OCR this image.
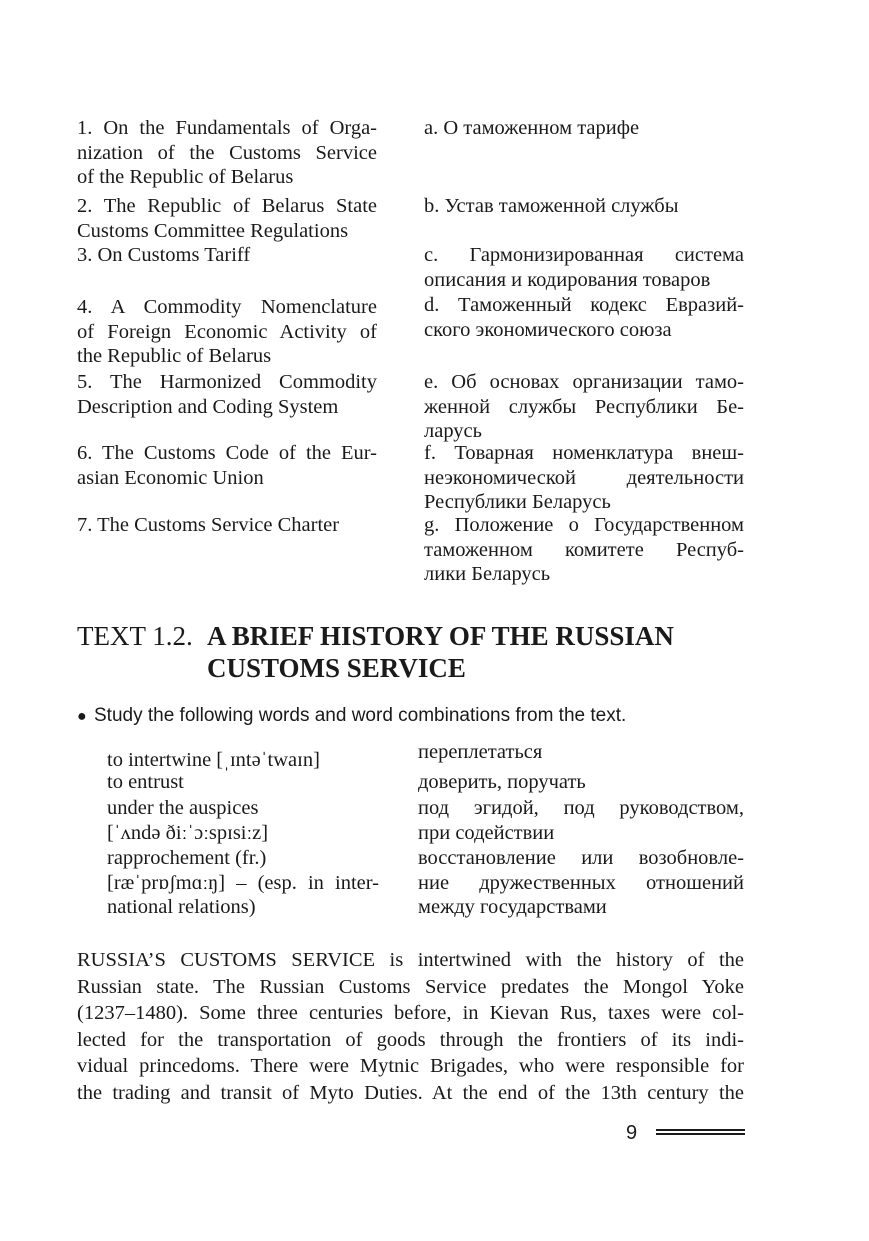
1. On the Fundamentals of Orga-
nization of the Customs Service
of the Republic of Belarus
2. The Republic of Belarus State
Customs Committee Regulations
3. On Customs Tariff
4. A Commodity Nomenclature
of Foreign Economic Activity of
the Republic of Belarus
5. The Harmonized Commodity
Description and Coding System
6. The Customs Code of the Eur-
asian Economic Union
7. The Customs Service Charter
a. О таможенном тарифе
b. Устав таможенной службы
c. Гармонизированная система
описания и кодирования товаров
d. Таможенный кодекс Евразий-
ского экономического союза
e. Об основах организации тамо-
женной службы Республики Бе-
ларусь
f. Товарная номенклатура внеш-
неэкономической деятельности
Республики Беларусь
g. Положение о Государственном
таможенном комитете Респуб-
лики Беларусь
TEXT 1.2. A BRIEF HISTORY OF THE RUSSIAN
CUSTOMS SERVICE
● Study the following words and word combinations from the text.
to intertwine [ˌɪntəˈtwaɪn]
to entrust
under the auspices
[ˈʌndə ðiːˈɔːspɪsiːz]
rapprochement (fr.)
[ræˈprɒʃmɑːŋ] – (esp. in inter-
national relations)
переплетаться
доверить, поручать
под эгидой, под руководством,
при содействии
восстановление или возобновле-
ние дружественных отношений
между государствами
RUSSIA’S CUSTOMS SERVICE is intertwined with the history of the
Russian state. The Russian Customs Service predates the Mongol Yoke
(1237–1480). Some three centuries before, in Kievan Rus, taxes were col-
lected for the transportation of goods through the frontiers of its indi-
vidual princedoms. There were Mytnic Brigades, who were responsible for
the trading and transit of Myto Duties. At the end of the 13th century the
9
